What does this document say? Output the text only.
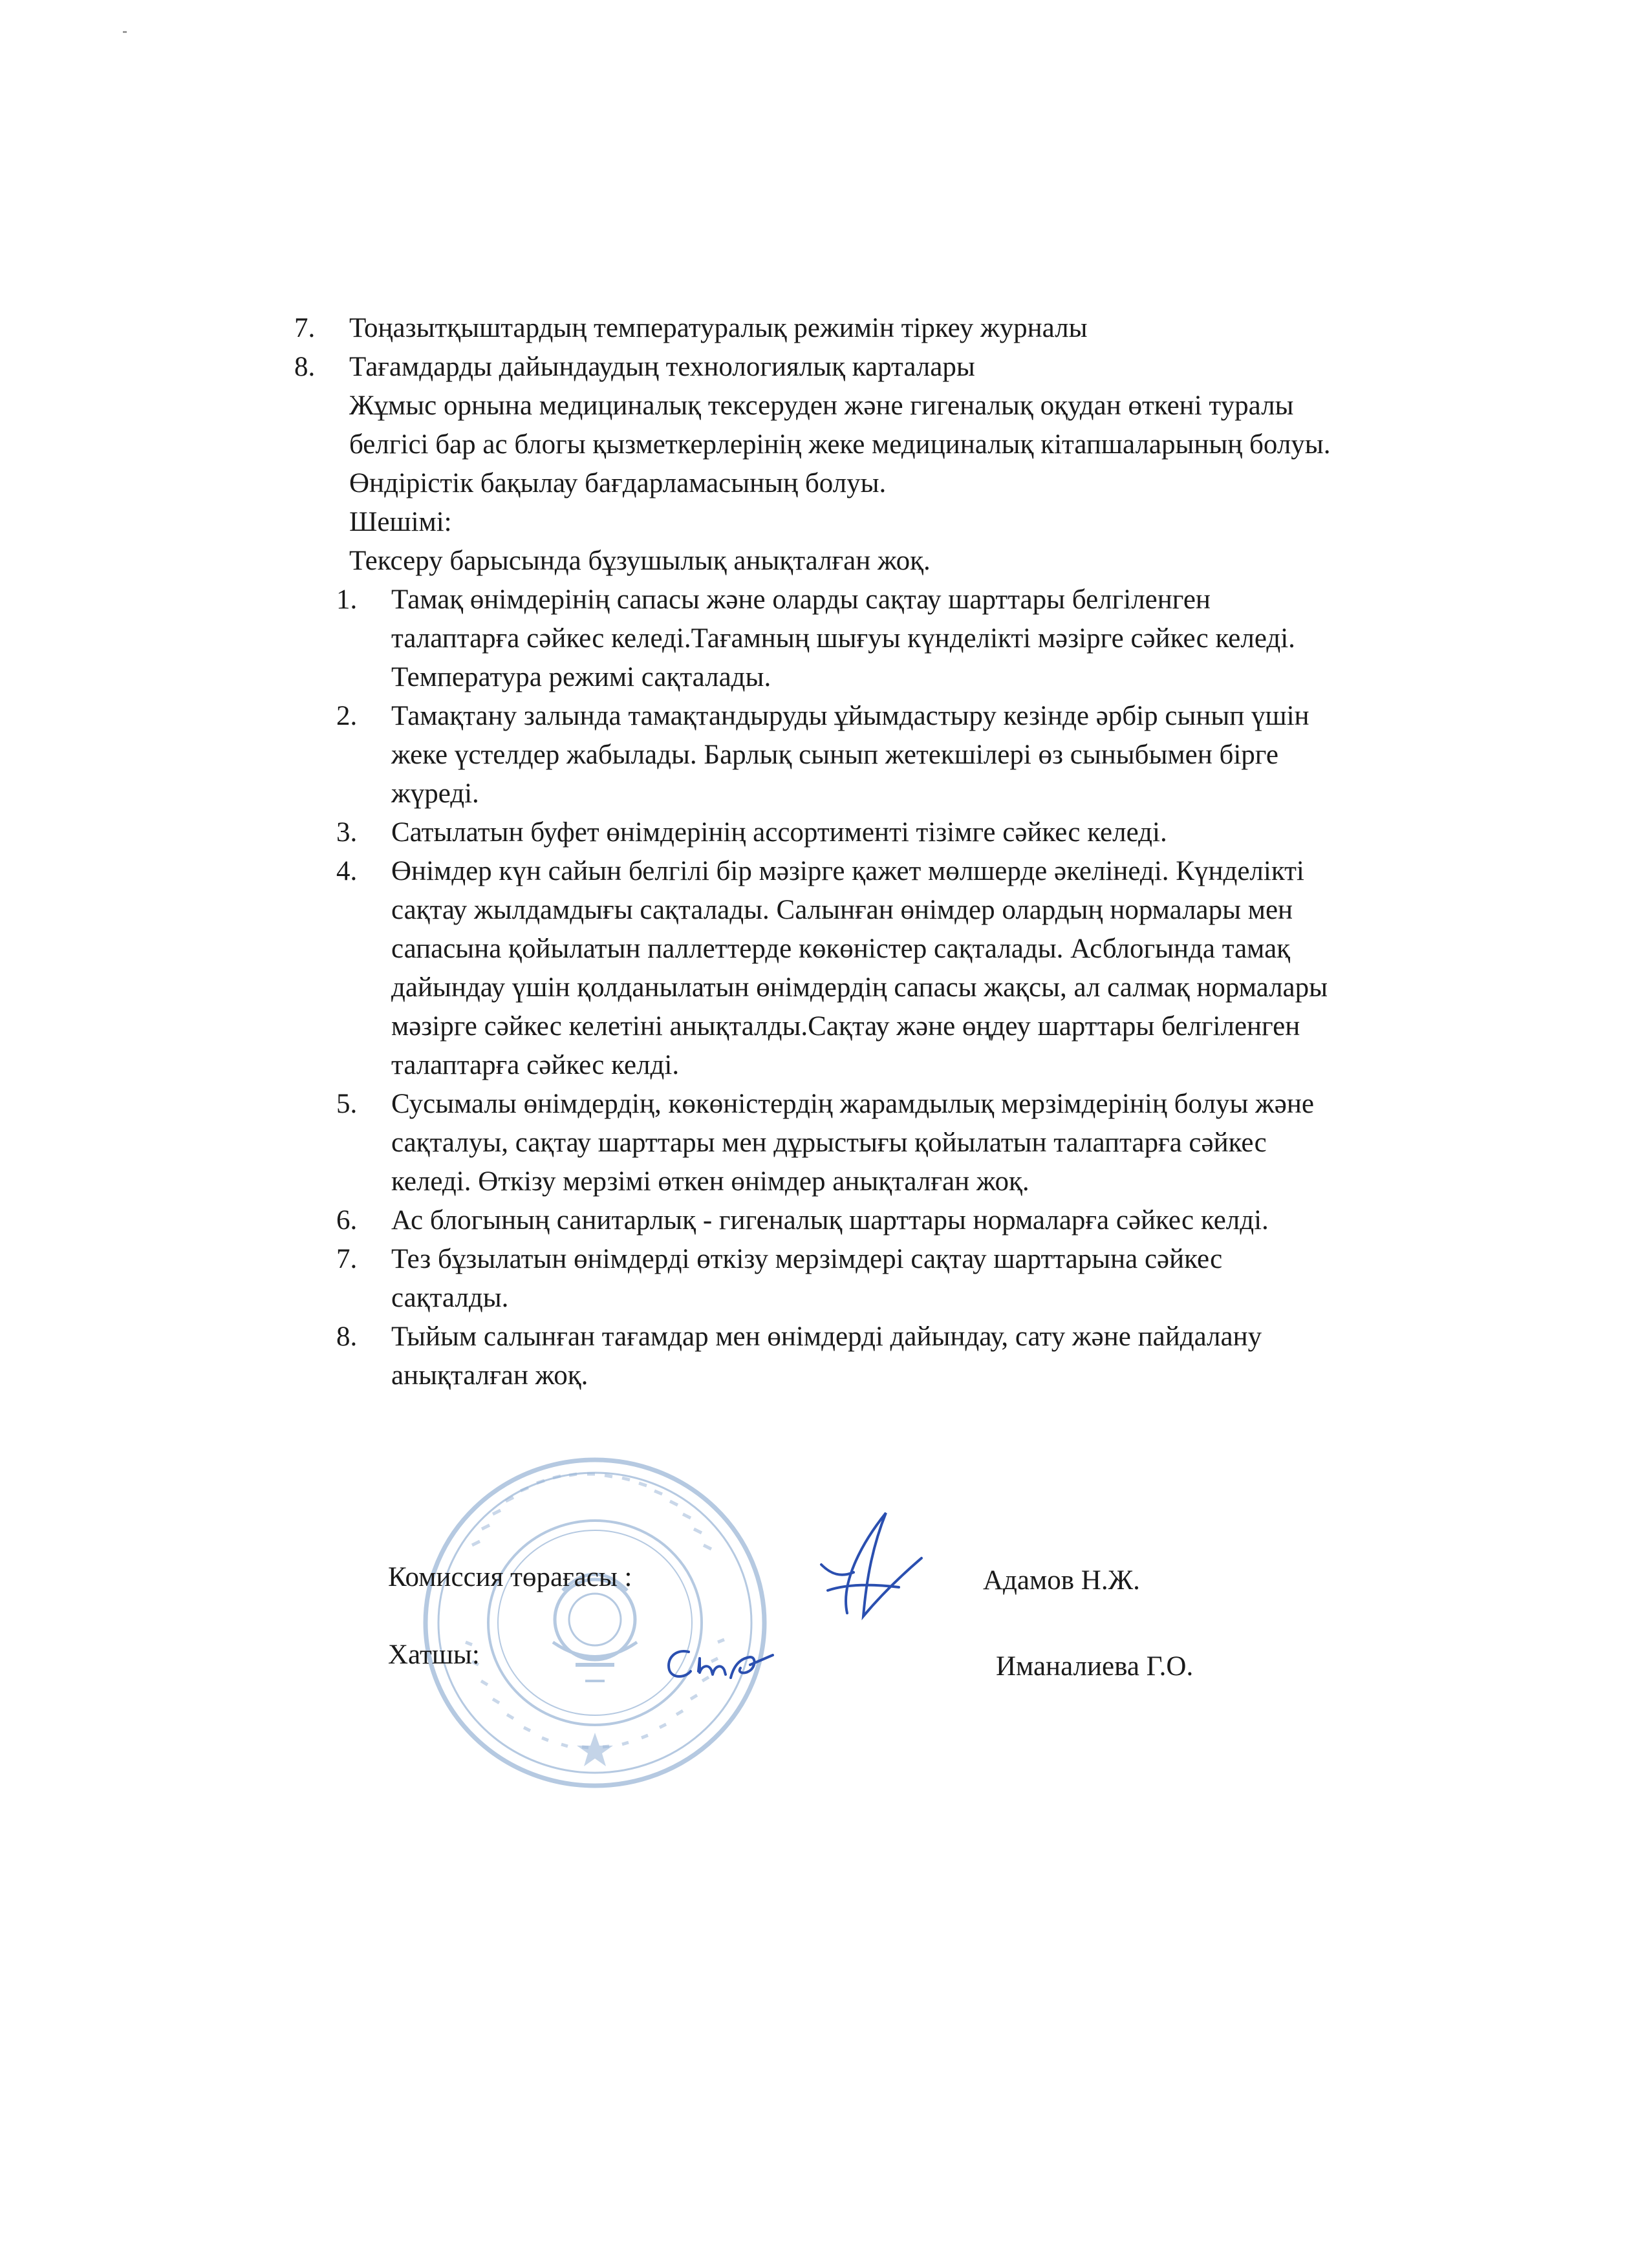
7. Тоңазытқыштардың температуралық режимін тіркеу журналы
8. Тағамдарды дайындаудың технологиялық карталары
Жұмыс орнына медициналық тексеруден және гигеналық оқудан өткені туралы
белгісі бар ас блогы қызметкерлерінің жеке медициналық кітапшаларының болуы.
Өндірістік бақылау бағдарламасының болуы.
Шешімі:
Тексеру барысында бұзушылық анықталған жоқ.
1. Тамақ өнімдерінің сапасы және оларды сақтау шарттары белгіленген
талаптарға сәйкес келеді.Тағамның шығуы күнделікті мәзірге сәйкес келеді.
Температура режимі сақталады.
2. Тамақтану залында тамақтандыруды ұйымдастыру кезінде әрбір сынып үшін
жеке үстелдер жабылады. Барлық сынып жетекшілері өз сыныбымен бірге
жүреді.
3. Сатылатын буфет өнімдерінің ассортименті тізімге сәйкес келеді.
4. Өнімдер күн сайын белгілі бір мәзірге қажет мөлшерде әкелінеді. Күнделікті
сақтау жылдамдығы сақталады. Салынған өнімдер олардың нормалары мен
сапасына қойылатын паллеттерде көкөністер сақталады. Асблогында тамақ
дайындау үшін қолданылатын өнімдердің сапасы жақсы, ал салмақ нормалары
мәзірге сәйкес келетіні анықталды.Сақтау және өңдеу шарттары белгіленген
талаптарға сәйкес келді.
5. Сусымалы өнімдердің, көкөністердің жарамдылық мерзімдерінің болуы және
сақталуы, сақтау шарттары мен дұрыстығы қойылатын талаптарға сәйкес
келеді. Өткізу мерзімі өткен өнімдер анықталған жоқ.
6. Ас блогының санитарлық - гигеналық шарттары нормаларға сәйкес келді.
7. Тез бұзылатын өнімдерді өткізу мерзімдері сақтау шарттарына сәйкес
сақталды.
8. Тыйым салынған тағамдар мен өнімдерді дайындау, сату және пайдалану
анықталған жоқ.
Комиссия төрағасы :	Адамов Н.Ж.
Хатшы:	Иманалиева Г.О.
